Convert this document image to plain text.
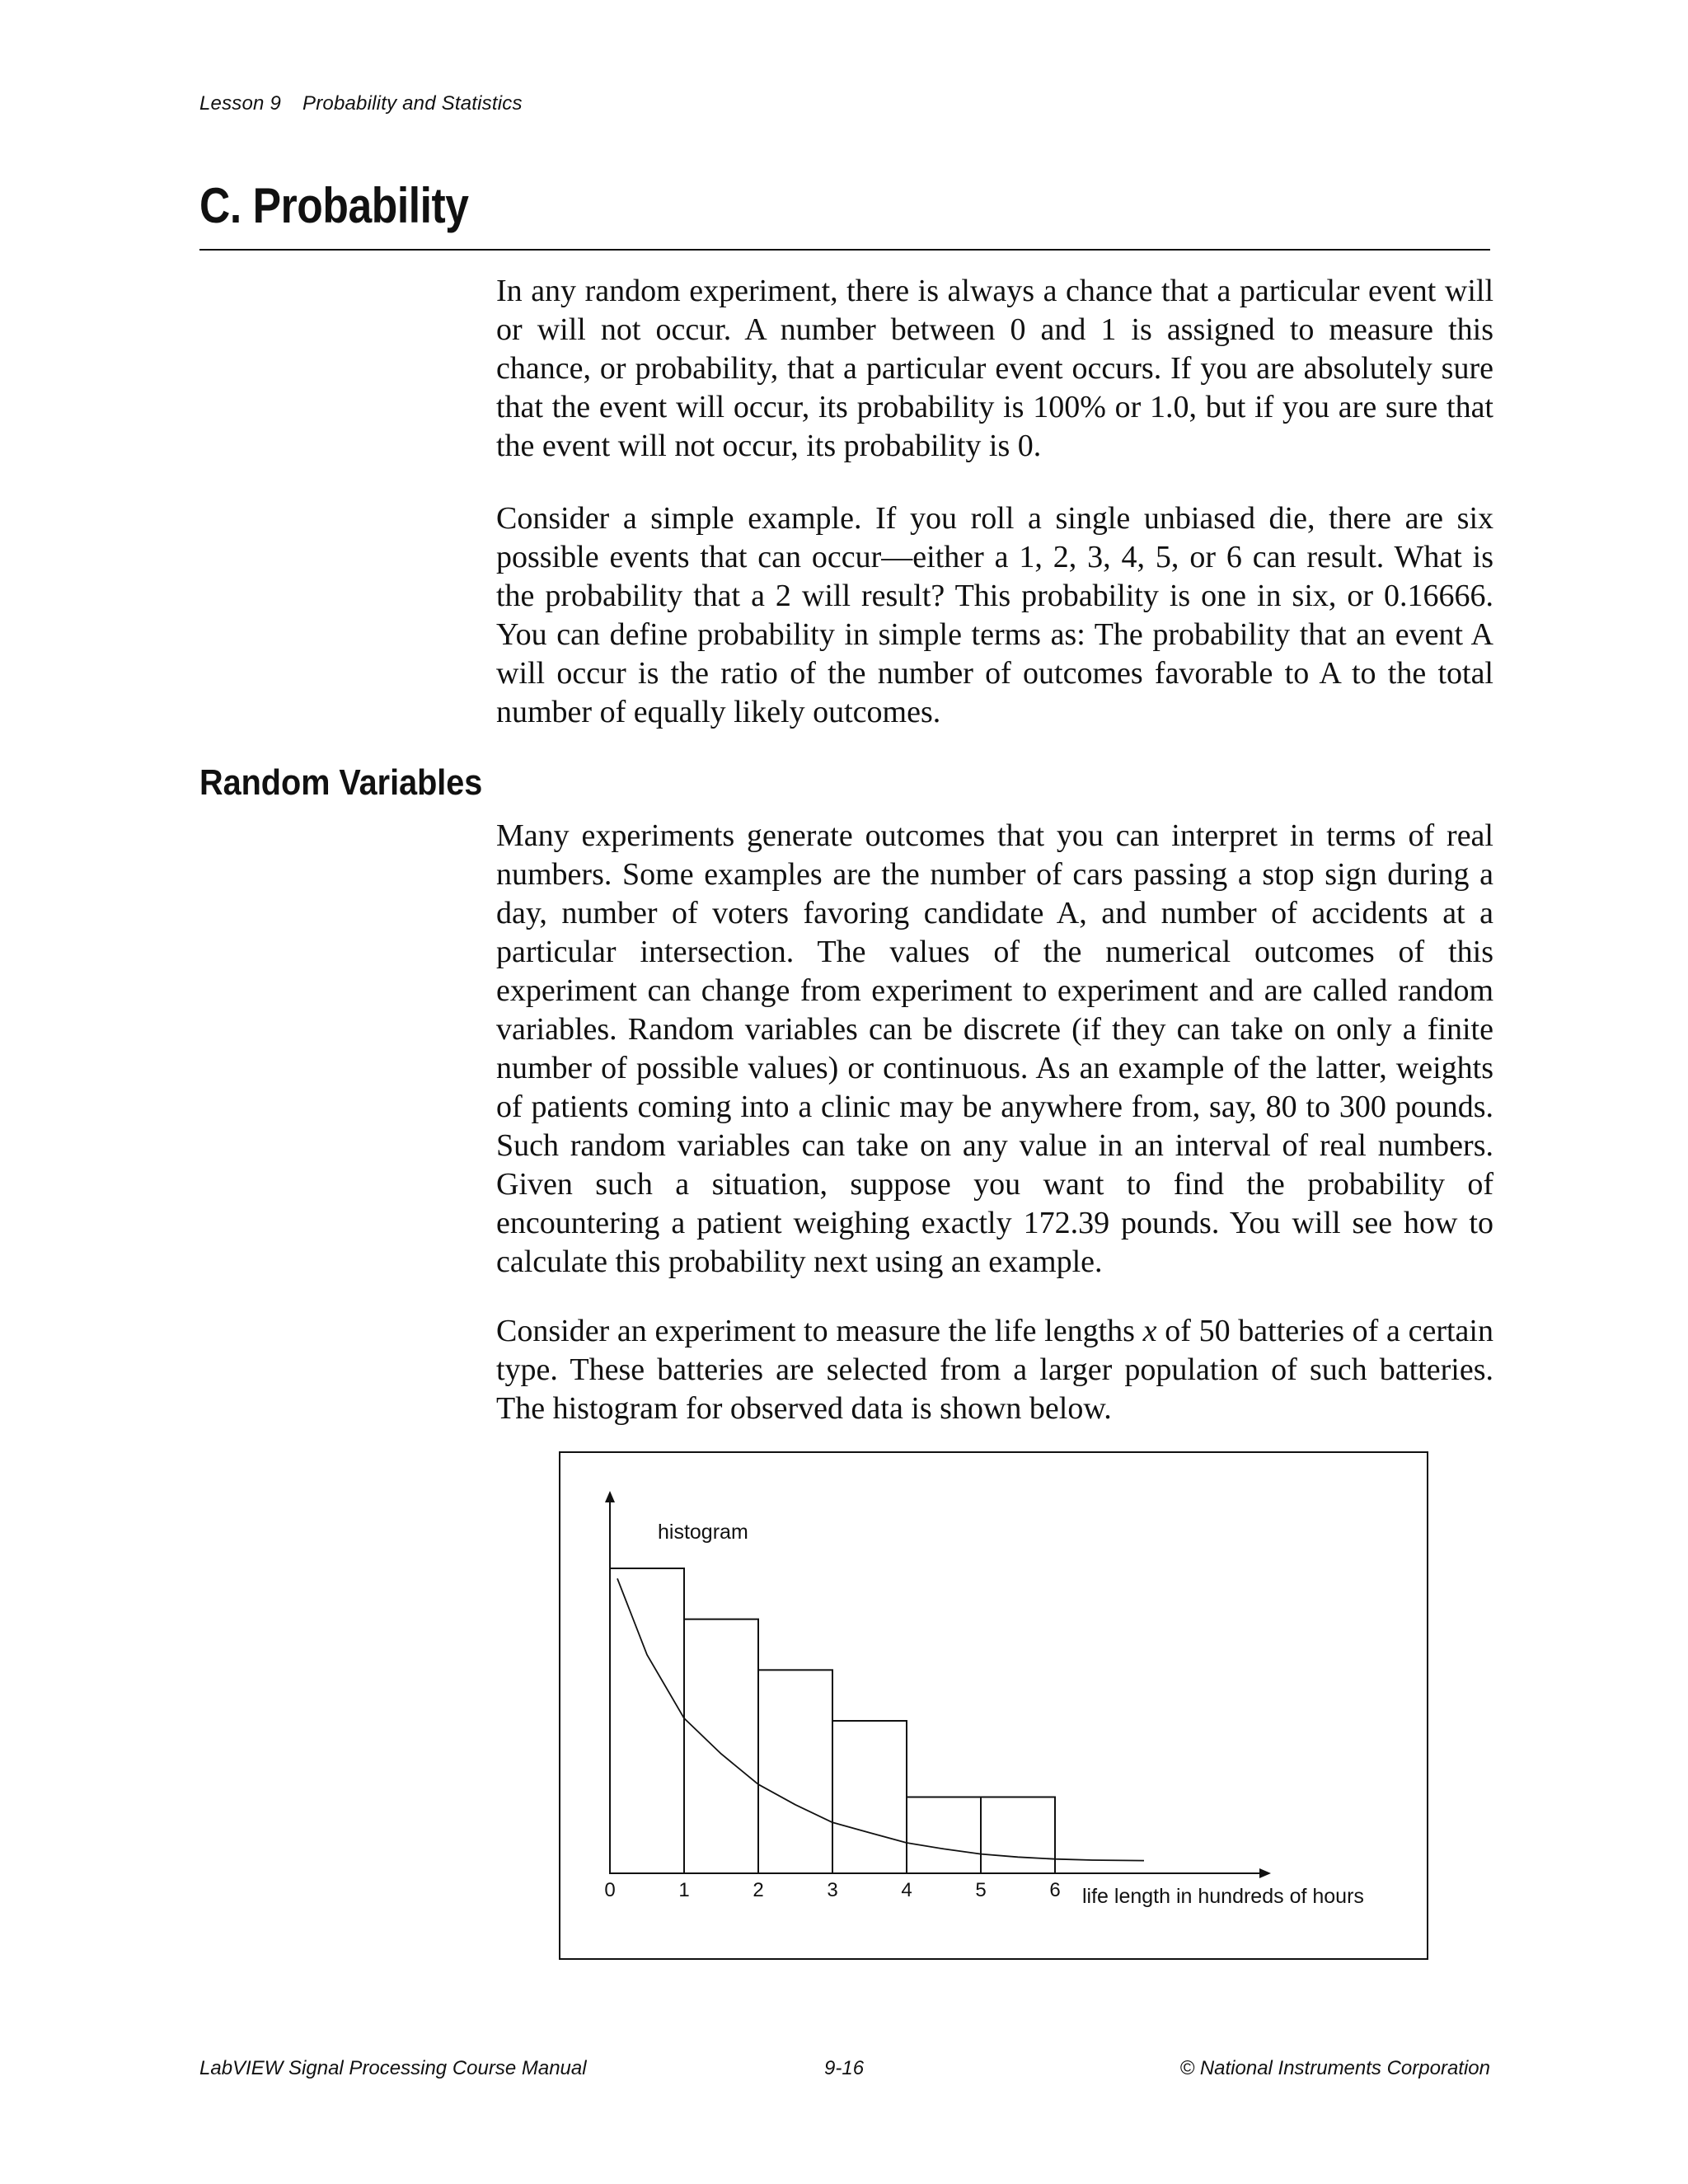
Lesson 9 Probability and Statistics
C. Probability

In any random experiment, there is always a chance that a particular event will or will not occur. A number between 0 and 1 is assigned to measure this chance, or probability, that a particular event occurs. If you are absolutely sure that the event will occur, its probability is 100% or 1.0, but if you are sure that the event will not occur, its probability is 0.

Consider a simple example. If you roll a single unbiased die, there are six possible events that can occur—either a 1, 2, 3, 4, 5, or 6 can result. What is the probability that a 2 will result? This probability is one in six, or 0.16666. You can define probability in simple terms as: The probability that an event A will occur is the ratio of the number of outcomes favorable to A to the total number of equally likely outcomes.

Random Variables

Many experiments generate outcomes that you can interpret in terms of real numbers. Some examples are the number of cars passing a stop sign during a day, number of voters favoring candidate A, and number of accidents at a particular intersection. The values of the numerical outcomes of this experiment can change from experiment to experiment and are called random variables. Random variables can be discrete (if they can take on only a finite number of possible values) or continuous. As an example of the latter, weights of patients coming into a clinic may be anywhere from, say, 80 to 300 pounds. Such random variables can take on any value in an interval of real numbers. Given such a situation, suppose you want to find the probability of encountering a patient weighing exactly 172.39 pounds. You will see how to calculate this probability next using an example.

Consider an experiment to measure the life lengths x of 50 batteries of a certain type. These batteries are selected from a larger population of such batteries. The histogram for observed data is shown below.

0	1	2	3	4	5	6
histogram
life length in hundreds of hours
LabVIEW Signal Processing Course Manual	9-16	© National Instruments Corporation
